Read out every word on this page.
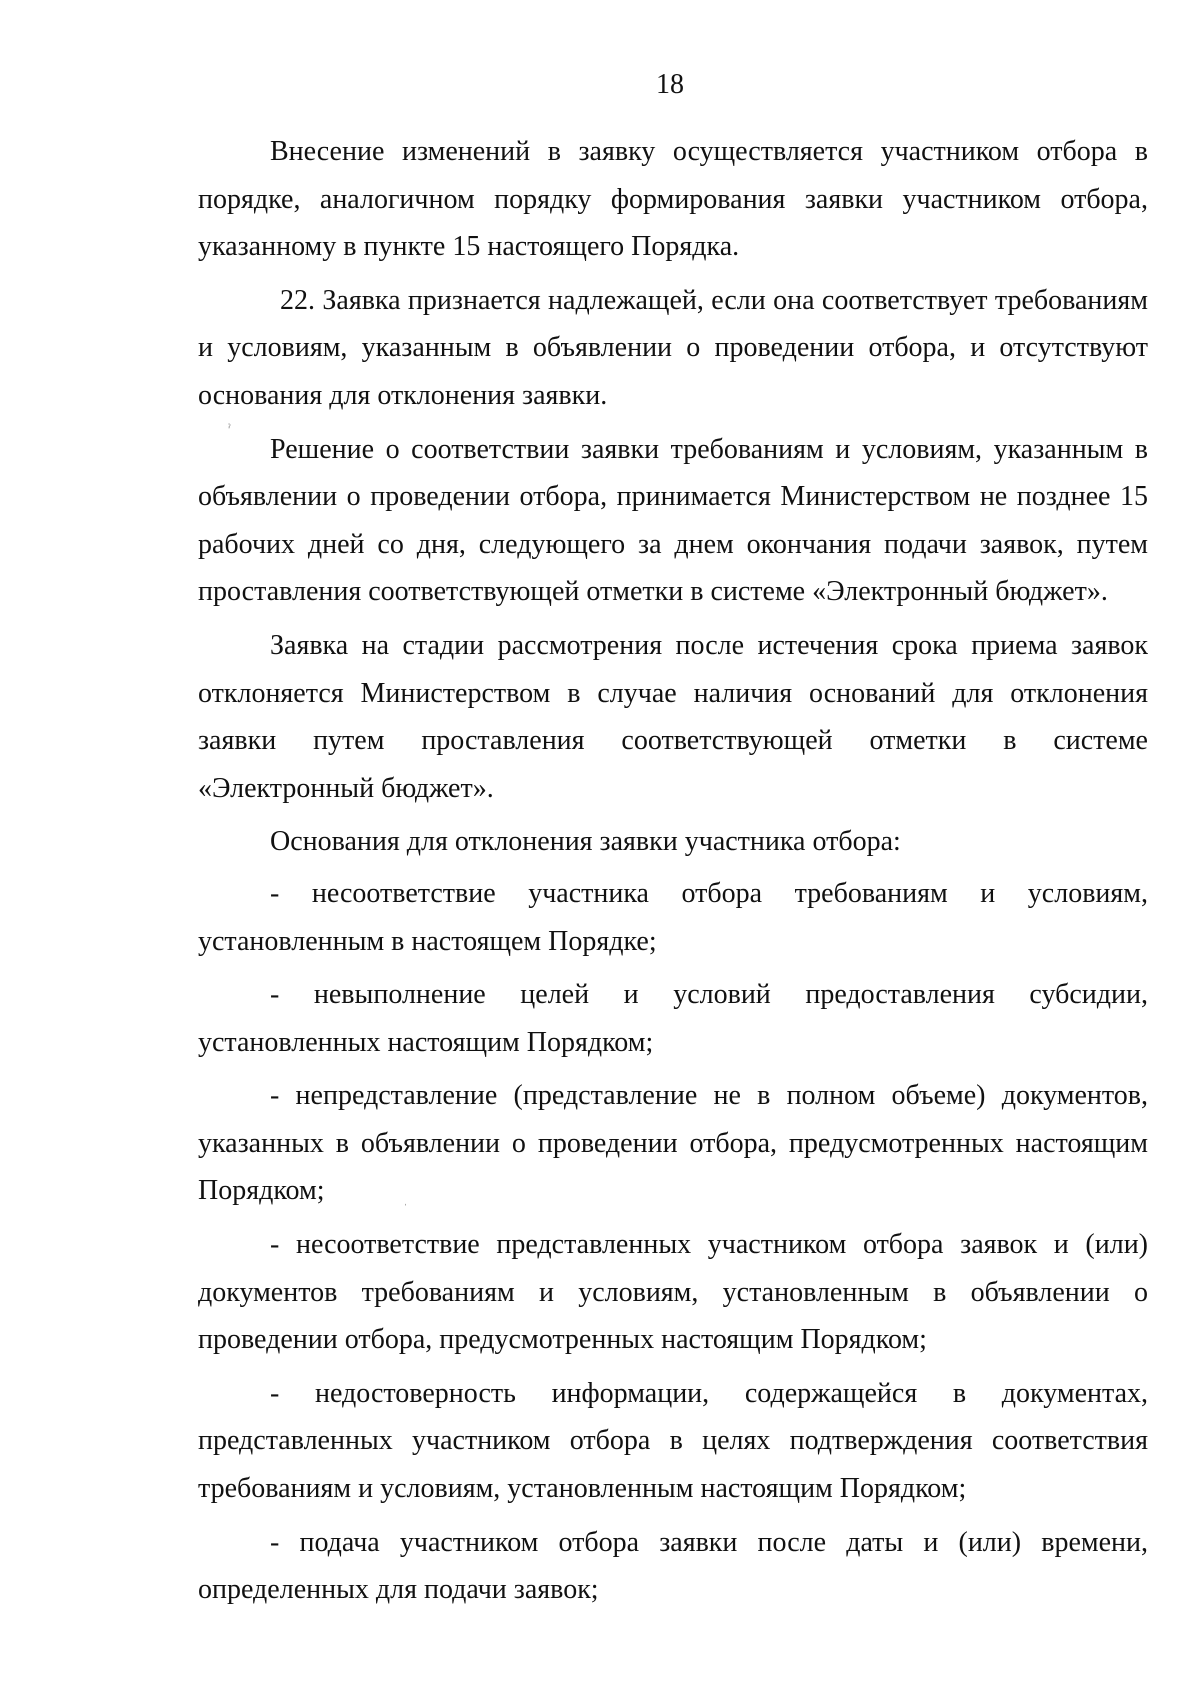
18

Внесение изменений в заявку осуществляется участником отбора в порядке, аналогичном порядку формирования заявки участником отбора, указанному в пункте 15 настоящего Порядка.

22. Заявка признается надлежащей, если она соответствует требованиям и условиям, указанным в объявлении о проведении отбора, и отсутствуют основания для отклонения заявки.

Решение о соответствии заявки требованиям и условиям, указанным в объявлении о проведении отбора, принимается Министерством не позднее 15 рабочих дней со дня, следующего за днем окончания подачи заявок, путем проставления соответствующей отметки в системе «Электронный бюджет».

Заявка на стадии рассмотрения после истечения срока приема заявок отклоняется Министерством в случае наличия оснований для отклонения заявки путем проставления соответствующей отметки в системе «Электронный бюджет».

Основания для отклонения заявки участника отбора:

- несоответствие участника отбора требованиям и условиям, установленным в настоящем Порядке;

- невыполнение целей и условий предоставления субсидии, установленных настоящим Порядком;

- непредставление (представление не в полном объеме) документов, указанных в объявлении о проведении отбора, предусмотренных настоящим Порядком;

- несоответствие представленных участником отбора заявок и (или) документов требованиям и условиям, установленным в объявлении о проведении отбора, предусмотренных настоящим Порядком;

- недостоверность информации, содержащейся в документах, представленных участником отбора в целях подтверждения соответствия требованиям и условиям, установленным настоящим Порядком;

- подача участником отбора заявки после даты и (или) времени, определенных для подачи заявок;

ˀ
ˌ
